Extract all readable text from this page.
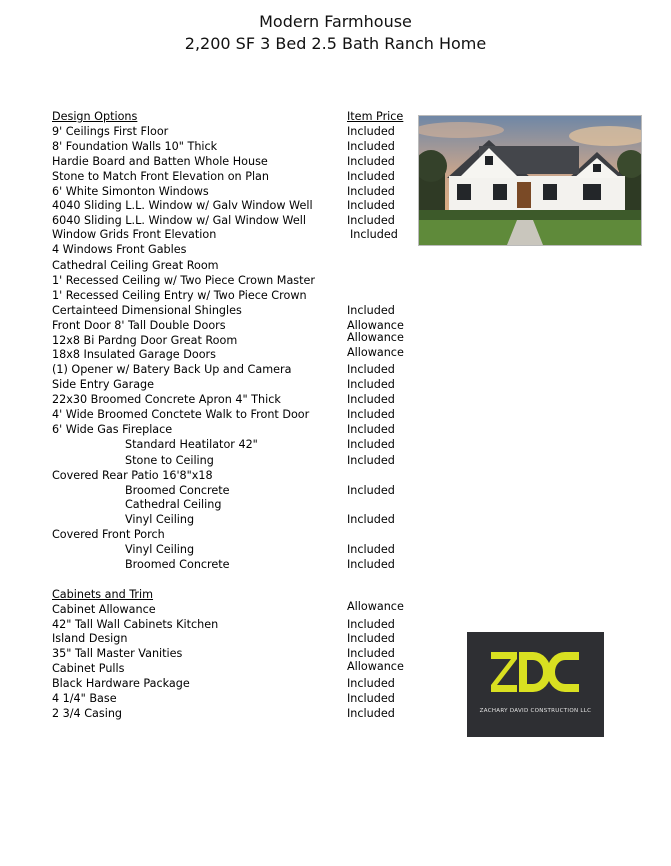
Modern Farmhouse
2,200 SF 3 Bed 2.5 Bath Ranch Home
Design Options	Item Price
9' Ceilings First Floor	Included
8' Foundation Walls 10" Thick	Included
Hardie Board and Batten Whole House	Included
Stone to Match Front Elevation on Plan	Included
6' White Simonton Windows	Included
4040 Sliding L.L. Window w/ Galv Window Well	Included
6040 Sliding L.L. Window w/ Gal Window Well	Included
Window Grids Front Elevation	Included
4 Windows Front Gables
Cathedral Ceiling Great Room
1' Recessed Ceiling w/ Two Piece Crown Master
1' Recessed Ceiling Entry w/ Two Piece Crown
Certainteed Dimensional Shingles	Included
Front Door 8' Tall Double Doors	Allowance
12x8 Bi Pardng Door Great Room	Allowance
18x8 Insulated Garage Doors	Allowance
(1) Opener w/ Batery Back Up and Camera	Included
Side Entry Garage	Included
22x30 Broomed Concrete Apron 4" Thick	Included
4' Wide Broomed Conctete Walk to Front Door	Included
6' Wide Gas Fireplace	Included
Standard Heatilator 42"	Included
Stone to Ceiling	Included
Covered Rear Patio 16'8"x18
Broomed Concrete	Included
Cathedral Ceiling
Vinyl Ceiling	Included
Covered Front Porch
Vinyl Ceiling	Included
Broomed Concrete	Included
Cabinets and Trim
Cabinet Allowance	Allowance
42" Tall Wall Cabinets Kitchen	Included
Island Design	Included
35" Tall Master Vanities	Included
Cabinet Pulls	Allowance
Black Hardware Package	Included
4 1/4" Base	Included
2 3/4 Casing	Included	ZACHARY DAVID CONSTRUCTION LLC
